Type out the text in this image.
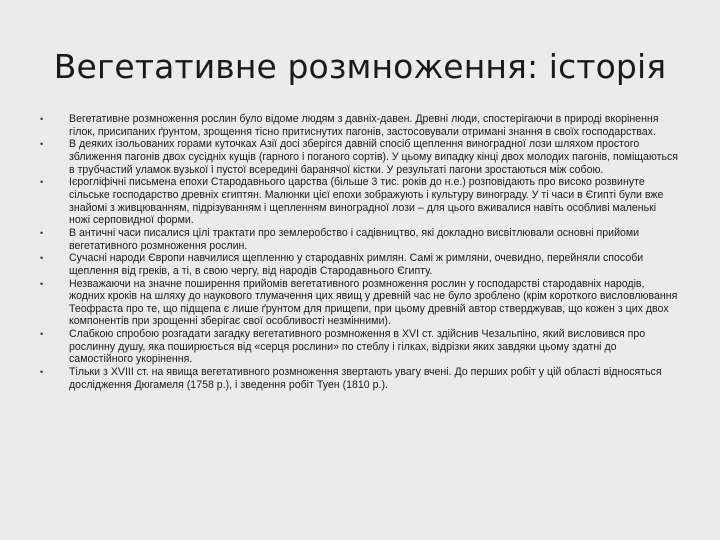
Вегетативне розмноження: історія
•	Вегетативне розмноження рослин було відоме людям з давніх-давен. Древні люди, спостерігаючи в природі вкорінення гілок, присипаних ґрунтом, зрощення тісно притиснутих пагонів, застосовували отримані знання в своїх господарствах.
•	В деяких ізольованих горами куточках Азії досі зберігся давній спосіб щеплення виноградної лози шляхом простого зближення пагонів двох сусідніх кущів (гарного і поганого сортів). У цьому випадку кінці двох молодих пагонів, поміщаються в трубчастий уламок вузької і пустої всередині баранячої кістки. У результаті пагони зростаються між собою.
•	Ієрогліфічні письмена епохи Стародавнього царства (більше 3 тис. років до н.е.) розповідають про високо розвинуте сільське господарство древніх єгиптян. Малюнки цієї епохи зображують і культуру винограду. У ті часи в Єгипті були вже знайомі з живцюванням, підрізуванням і щепленням виноградної лози – для цього вживалися навіть особливі маленькі ножі серповидної форми.
•	В античні часи писалися цілі трактати про землеробство і садівництво, які докладно висвітлювали основні прийоми вегетативного розмноження рослин.
•	Сучасні народи Європи навчилися щепленню у стародавніх римлян. Самі ж римляни, очевидно, перейняли способи щеплення від греків, а ті, в свою чергу, від народів Стародавнього Єгипту.
•	Незважаючи на значне поширення прийомів вегетативного розмноження рослин у господарстві стародавніх народів, жодних кроків на шляху до наукового тлумачення цих явищ у древній час не було зроблено (крім короткого висловлювання Теофраста про те, що підщепа є лише ґрунтом для прищепи, при цьому древній автор стверджував, що кожен з цих двох компонентів при зрощенні зберігає свої особливості незмінними).
•	Слабкою спробою розгадати загадку вегетативного розмноження в XVI ст. здійснив Чезальпіно, який висловився про рослинну душу, яка поширюється від «серця рослини» по стеблу і гілках, відрізки яких завдяки цьому здатні до самостійного укорінення.
•	Тільки з XVIII ст. на явища вегетативного розмноження звертають увагу вчені. До перших робіт у цій області відносяться дослідження Дюгамеля (1758 р.), і зведення робіт Туен (1810 р.).
